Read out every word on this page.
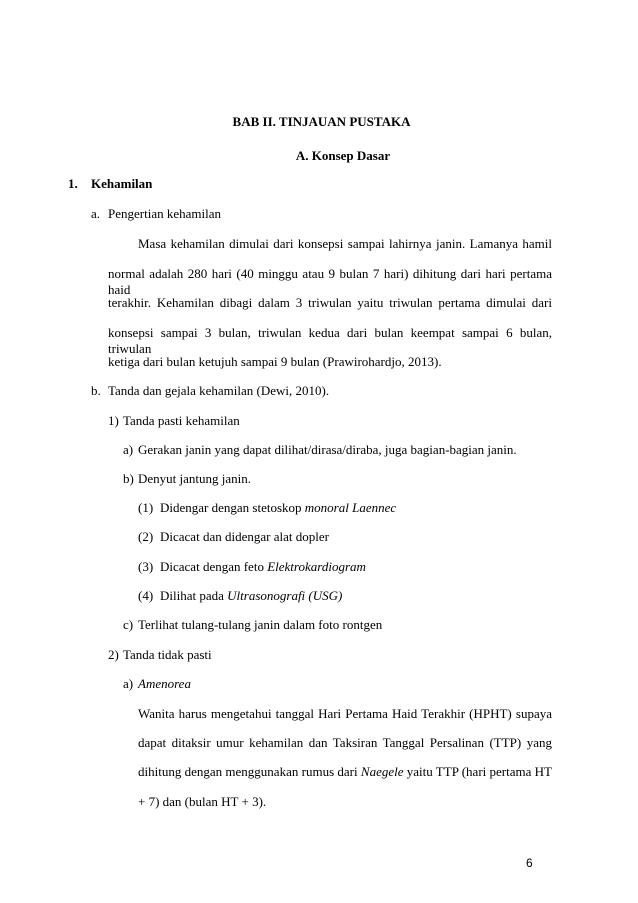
BAB II. TINJAUAN PUSTAKA
A. Konsep Dasar
1. Kehamilan
a. Pengertian kehamilan
Masa kehamilan dimulai dari konsepsi sampai lahirnya janin. Lamanya hamil
normal adalah 280 hari (40 minggu atau 9 bulan 7 hari) dihitung dari hari pertama haid
terakhir. Kehamilan dibagi dalam 3 triwulan yaitu triwulan pertama dimulai dari
konsepsi sampai 3 bulan, triwulan kedua dari bulan keempat sampai 6 bulan, triwulan
ketiga dari bulan ketujuh sampai 9 bulan (Prawirohardjo, 2013).
b. Tanda dan gejala kehamilan (Dewi, 2010).
1) Tanda pasti kehamilan
a) Gerakan janin yang dapat dilihat/dirasa/diraba, juga bagian-bagian janin.
b) Denyut jantung janin.
(1) Didengar dengan stetoskop monoral Laennec
(2) Dicacat dan didengar alat dopler
(3) Dicacat dengan feto Elektrokardiogram
(4) Dilihat pada Ultrasonografi (USG)
c) Terlihat tulang-tulang janin dalam foto rontgen
2) Tanda tidak pasti
a) Amenorea
Wanita harus mengetahui tanggal Hari Pertama Haid Terakhir (HPHT) supaya
dapat ditaksir umur kehamilan dan Taksiran Tanggal Persalinan (TTP) yang
dihitung dengan menggunakan rumus dari Naegele yaitu TTP (hari pertama HT
+ 7) dan (bulan HT + 3).
6
